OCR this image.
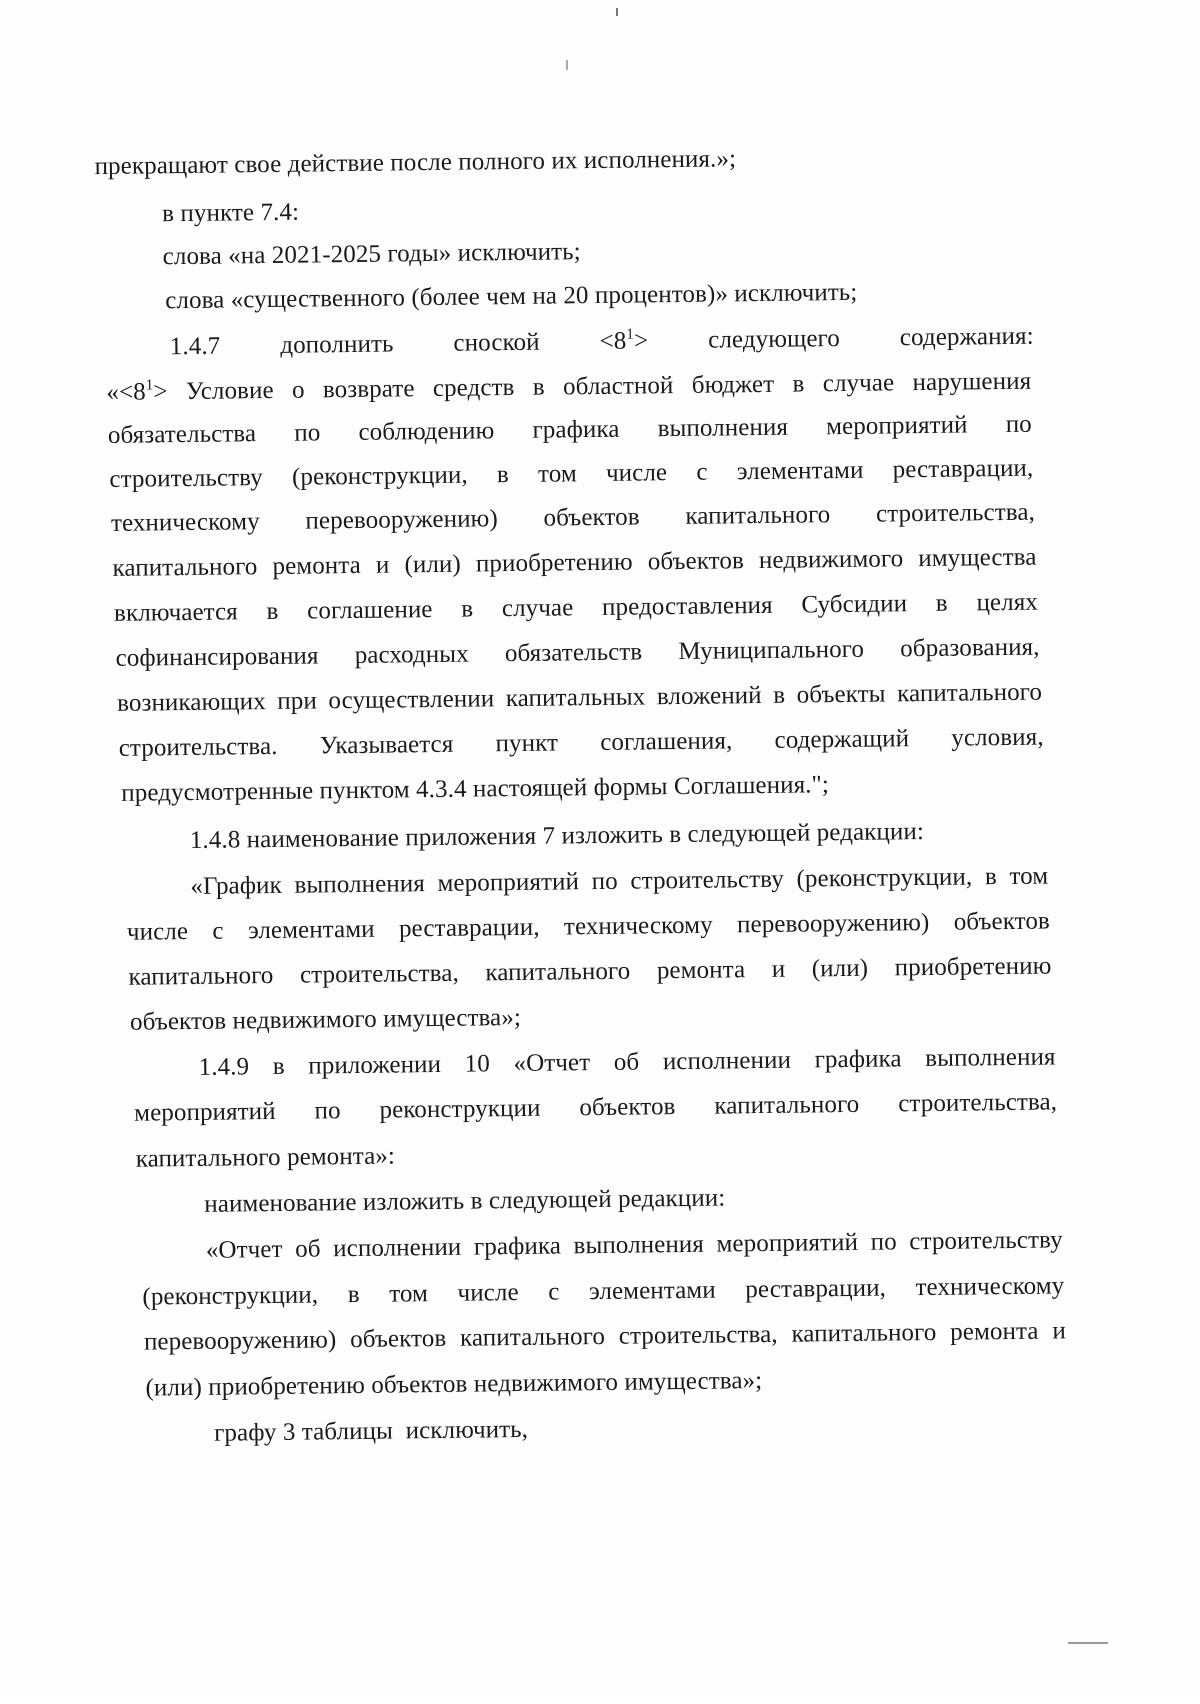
прекращают свое действие после полного их исполнения.»;
в пункте 7.4:
слова «на 2021-2025 годы» исключить;
слова «существенного (более чем на 20 процентов)» исключить;
1.4.7 дополнить сноской $<8^1>$ следующего содержания:
«$<8^1>$ Условие о возврате средств в областной бюджет в случае нарушения
обязательства по соблюдению графика выполнения мероприятий по
строительству (реконструкции, в том числе с элементами реставрации,
техническому перевооружению) объектов капитального строительства,
капитального ремонта и (или) приобретению объектов недвижимого имущества
включается в соглашение в случае предоставления Субсидии в целях
софинансирования расходных обязательств Муниципального образования,
возникающих при осуществлении капитальных вложений в объекты капитального
строительства. Указывается пункт соглашения, содержащий условия,
предусмотренные пунктом 4.3.4 настоящей формы Соглашения.";
1.4.8 наименование приложения 7 изложить в следующей редакции:
«График выполнения мероприятий по строительству (реконструкции, в том
числе с элементами реставрации, техническому перевооружению) объектов
капитального строительства, капитального ремонта и (или) приобретению
объектов недвижимого имущества»;
1.4.9 в приложении 10 «Отчет об исполнении графика выполнения
мероприятий по реконструкции объектов капитального строительства,
капитального ремонта»:
наименование изложить в следующей редакции:
«Отчет об исполнении графика выполнения мероприятий по строительству
(реконструкции, в том числе с элементами реставрации, техническому
перевооружению) объектов капитального строительства, капитального ремонта и
(или) приобретению объектов недвижимого имущества»;
графу 3 таблицы  исключить,
